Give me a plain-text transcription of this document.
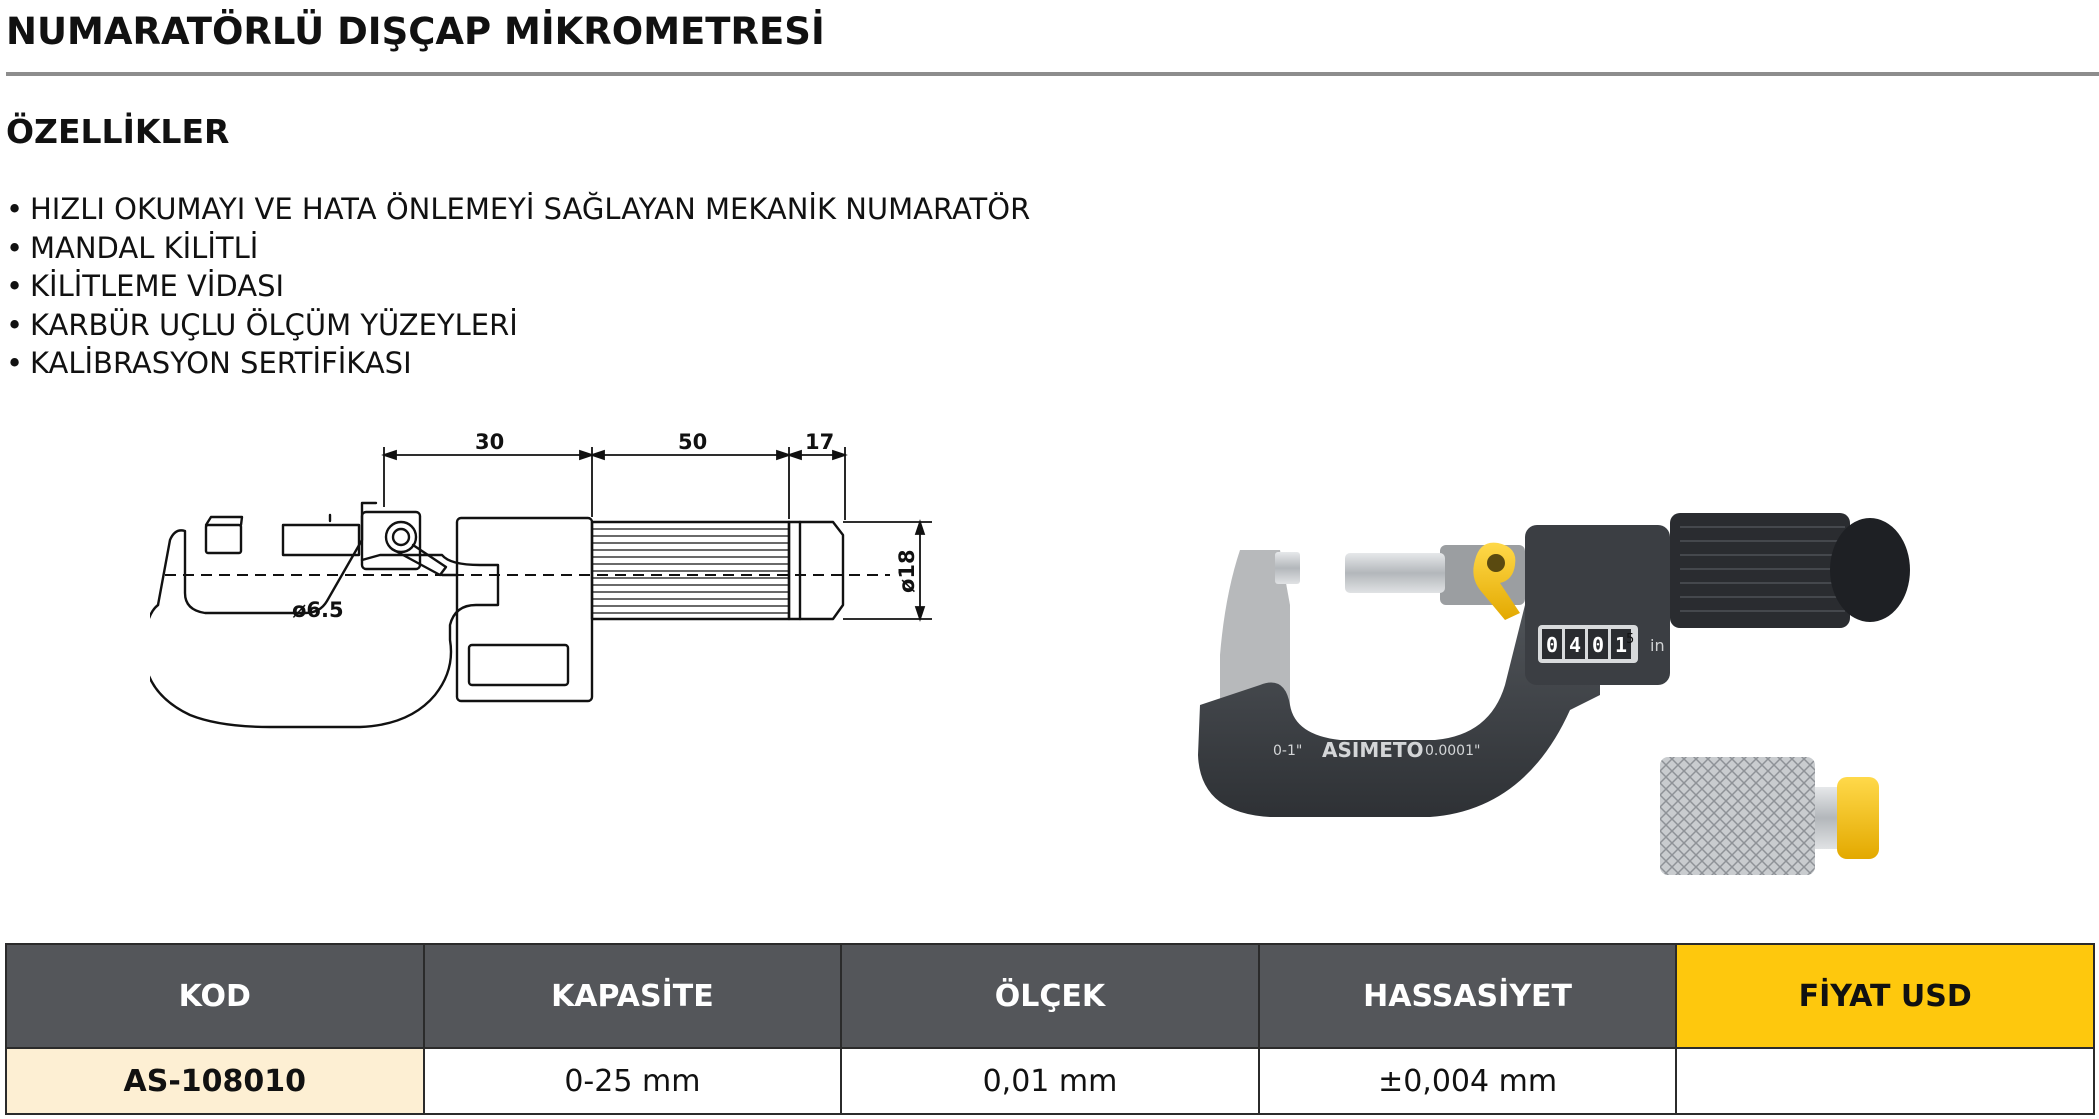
NUMARATÖRLÜ DIŞÇAP MİKROMETRESİ
ÖZELLİKLER
• HIZLI OKUMAYI VE HATA ÖNLEMEYİ SAĞLAYAN MEKANİK NUMARATÖR
• MANDAL KİLİTLİ
• KİLİTLEME VİDASI
• KARBÜR UÇLU ÖLÇÜM YÜZEYLERİ
• KALİBRASYON SERTİFİKASI
30	50	17
ø18
ø6.5
0 4 0 1
5 in
0-1" ASIMETO 0.0001"
KOD	KAPASİTE	ÖLÇEK	HASSASİYET	FİYAT USD
AS-108010	0-25 mm	0,01 mm	±0,004 mm	
